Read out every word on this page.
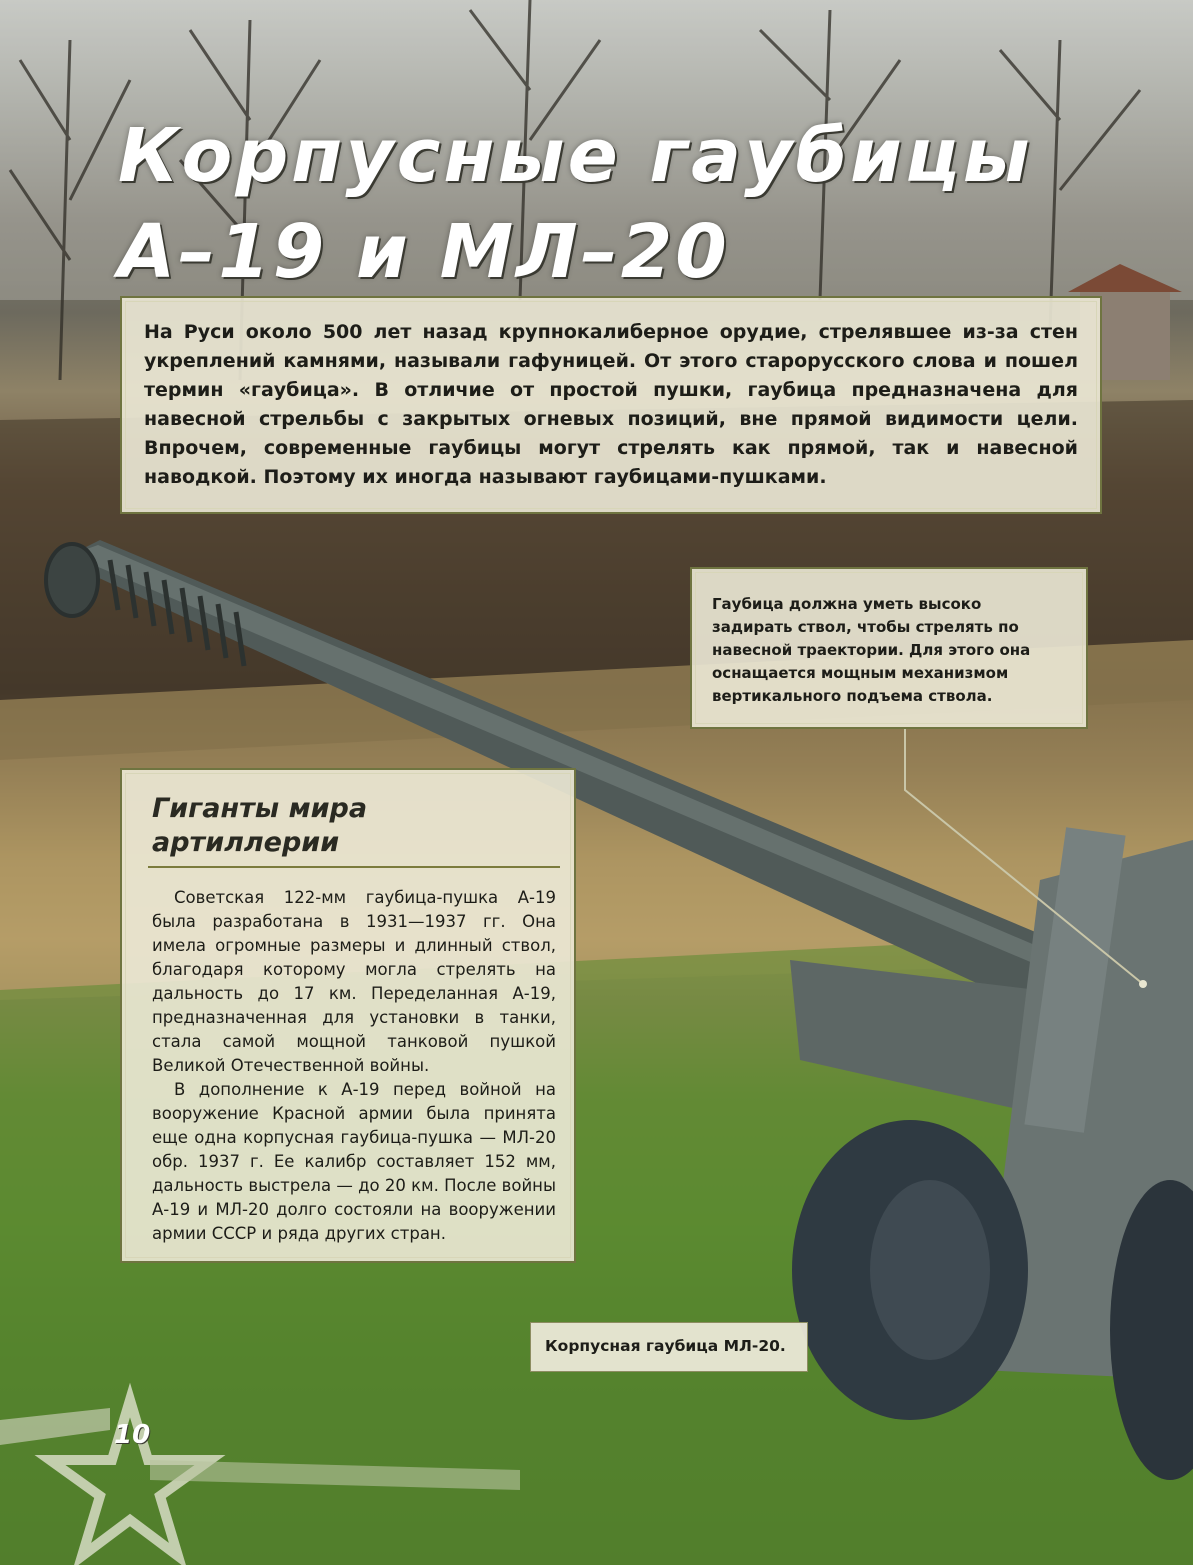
Корпусные гаубицы
А–19 и МЛ–20

На Руси около 500 лет назад крупнокалиберное орудие, стрелявшее из-за стен укреплений камнями, называли гафуницей. От этого старорусского слова и пошел термин «гаубица». В отличие от простой пушки, гаубица предназначена для навесной стрельбы с закрытых огневых позиций, вне прямой видимости цели. Впрочем, современные гаубицы могут стрелять как прямой, так и навесной наводкой. Поэтому их иногда называют гаубицами-пушками.

Гаубица должна уметь высоко задирать ствол, чтобы стрелять по навесной траектории. Для этого она оснащается мощным механизмом вертикального подъема ствола.

Гиганты мира
артиллерии

Советская 122-мм гаубица-пушка А-19 была разработана в 1931—1937 гг. Она имела огромные размеры и длинный ствол, благодаря которому могла стрелять на дальность до 17 км. Переделанная А-19, предназначенная для установки в танки, стала самой мощной танковой пушкой Великой Отечественной войны.

В дополнение к А-19 перед войной на вооружение Красной армии была принята еще одна корпусная гаубица-пушка — МЛ-20 обр. 1937 г. Ее калибр составляет 152 мм, дальность выстрела — до 20 км. После войны А-19 и МЛ-20 долго состояли на вооружении армии СССР и ряда других стран.

Корпусная гаубица МЛ-20.

10
